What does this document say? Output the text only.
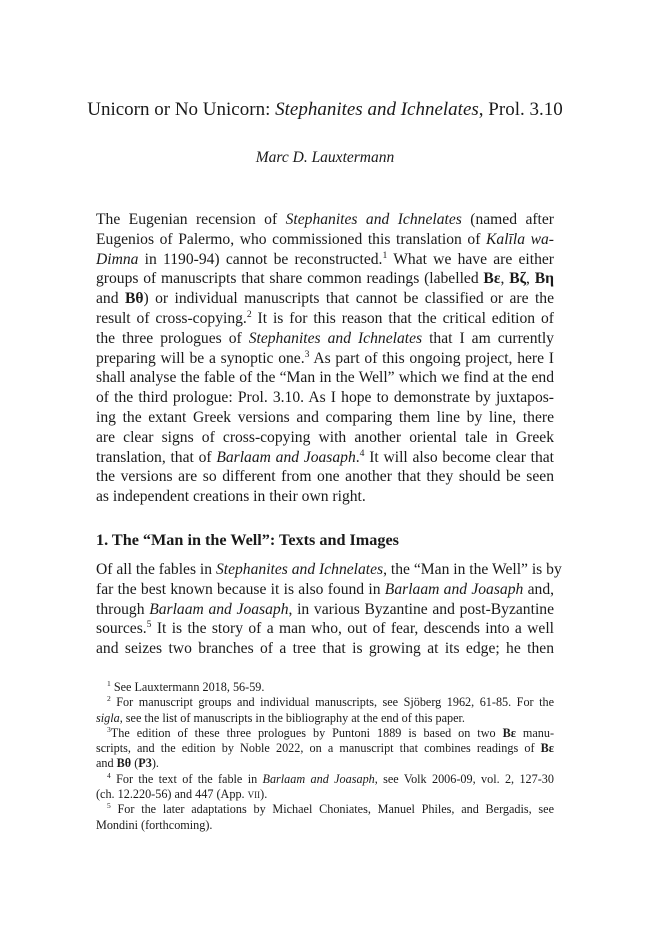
Unicorn or No Unicorn: Stephanites and Ichnelates, Prol. 3.10
Marc D. Lauxtermann
The Eugenian recension of Stephanites and Ichnelates (named after
Eugenios of Palermo, who commissioned this translation of Kalīla wa-
Dimna in 1190-94) cannot be reconstructed.$^1$ What we have are either
groups of manuscripts that share common readings (labelled Bε, Bζ, Bη
and Bθ) or individual manuscripts that cannot be classified or are the
result of cross-copying.$^2$ It is for this reason that the critical edition of
the three prologues of Stephanites and Ichnelates that I am currently
preparing will be a synoptic one.$^3$ As part of this ongoing project, here I
shall analyse the fable of the “Man in the Well” which we find at the end
of the third prologue: Prol. 3.10. As I hope to demonstrate by juxtapos-
ing the extant Greek versions and comparing them line by line, there
are clear signs of cross-copying with another oriental tale in Greek
translation, that of Barlaam and Joasaph.$^4$ It will also become clear that
the versions are so different from one another that they should be seen
as independent creations in their own right.
1. The “Man in the Well”: Texts and Images
Of all the fables in Stephanites and Ichnelates, the “Man in the Well” is by
far the best known because it is also found in Barlaam and Joasaph and,
through Barlaam and Joasaph, in various Byzantine and post-Byzantine
sources.$^5$ It is the story of a man who, out of fear, descends into a well
and seizes two branches of a tree that is growing at its edge; he then
$^1$ See Lauxtermann 2018, 56-59.
$^2$ For manuscript groups and individual manuscripts, see Sjöberg 1962, 61-85. For the
sigla, see the list of manuscripts in the bibliography at the end of this paper.
$^3$The edition of these three prologues by Puntoni 1889 is based on two Bε manu-
scripts, and the edition by Noble 2022, on a manuscript that combines readings of Bε
and Bθ (P3).
$^4$ For the text of the fable in Barlaam and Joasaph, see Volk 2006-09, vol. 2, 127-30
(ch. 12.220-56) and 447 (App. vii).
$^5$ For the later adaptations by Michael Choniates, Manuel Philes, and Bergadis, see
Mondini (forthcoming).
